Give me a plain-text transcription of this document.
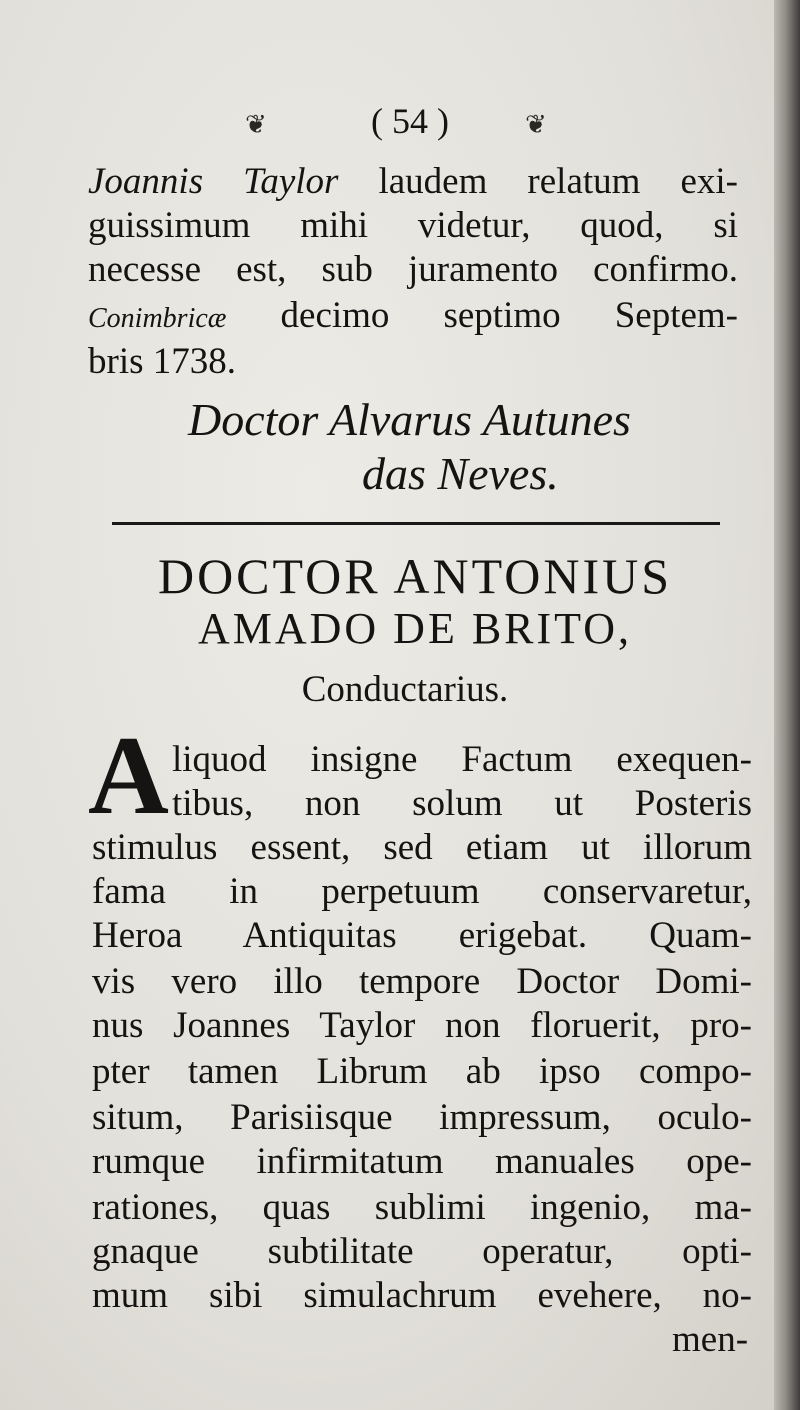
❦	( 54 )	❦
Joannis Taylor laudem relatum exi-
guissimum mihi videtur, quod, si
necesse est, sub juramento confirmo.
Conimbricæ decimo septimo Septem-
bris 1738.
Doctor Alvarus Autunes
das Neves.
DOCTOR ANTONIUS
AMADO DE BRITO,
Conductarius.
A liquod insigne Factum exequen-
tibus, non solum ut Posteris
stimulus essent, sed etiam ut illorum
fama in perpetuum conservaretur,
Heroa Antiquitas erigebat. Quam-
vis vero illo tempore Doctor Domi-
nus Joannes Taylor non floruerit, pro-
pter tamen Librum ab ipso compo-
situm, Parisiisque impressum, oculo-
rumque infirmitatum manuales ope-
rationes, quas sublimi ingenio, ma-
gnaque subtilitate operatur, opti-
mum sibi simulachrum evehere, no-
men-
